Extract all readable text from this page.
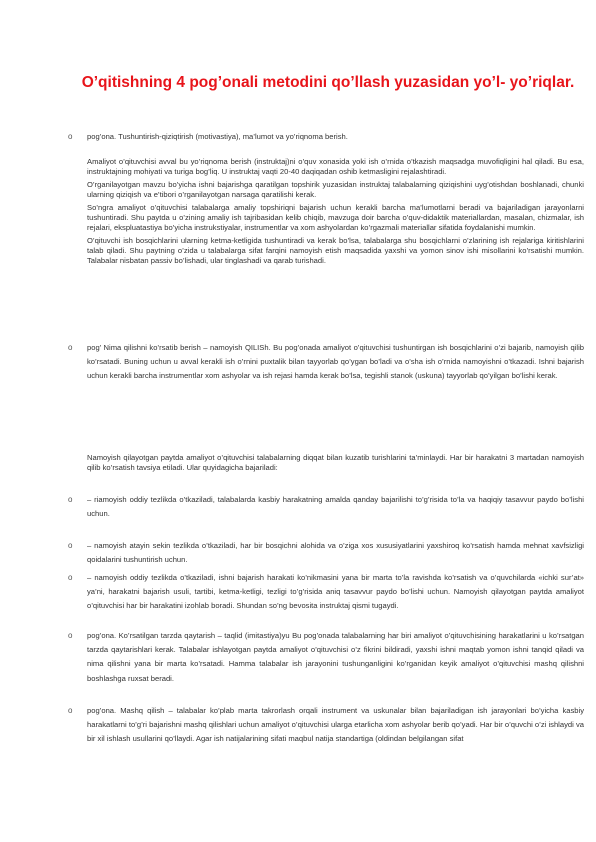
O’qitishning 4 pog’onali metodini qo’llash yuzasidan yo’l- yo’riqlar.
o pog’ona. Tushuntirish-qiziqtirish (motivastiya), ma’lumot va yo’riqnoma berish.

Amaliyot o’qituvchisi avval bu yo’riqnoma berish (instruktaj)ni o’quv xonasida yoki ish o’rnida o’tkazish maqsadga muvofiqligini hal qiladi. Bu esa, instruktajning mohiyati va turiga bog’liq. U instruktaj vaqti 20-40 daqiqadan oshib ketmasligini rejalashtiradi.

O’rganilayotgan mavzu bo’yicha ishni bajarishga qaratilgan topshirik yuzasidan instruktaj talabalarning qiziqishini uyg’otishdan boshlanadi, chunki ularning qiziqish va e’tibori o’rganilayotgan narsaga qaratilishi kerak.

So’ngra amaliyot o’qituvchisi talabalarga amaliy topshiriqni bajarish uchun kerakli barcha ma’lumotlarni beradi va bajariladigan jarayonlarni tushuntiradi. Shu paytda u o’zining amaliy ish tajribasidan kelib chiqib, mavzuga doir barcha o’quv-didaktik materiallardan, masalan, chizmalar, ish rejalari, ekspluatastiya bo’yicha instrukstiyalar, instrumentlar va xom ashyolardan ko’rgazmali materiallar sifatida foydalanishi mumkin.

O’qituvchi ish bosqichlarini ularning ketma-ketligida tushuntiradi va kerak bo’lsa, talabalarga shu bosqichlarni o’zlarining ish rejalariga kiritishlarini talab qiladi. Shu paytning o’zida u talabalarga sifat farqini namoyish etish maqsadida yaxshi va yomon sinov ishi misollarini ko’rsatishi mumkin. Talabalar nisbatan passiv bo’lishadi, ular tinglashadi va qarab turishadi.

o pog’ Nima qilishni ko’rsatib berish – namoyish QILISh. Bu pog’onada amaliyot o’qituvchisi tushuntirgan ish bosqichlarini o’zi bajarib, namoyish qilib ko’rsatadi. Buning uchun u avval kerakli ish o’rnini puxtalik bilan tayyorlab qo’ygan bo’ladi va o’sha ish o’rnida namoyishni o’tkazadi. Ishni bajarish uchun kerakli barcha instrumentlar xom ashyolar va ish rejasi hamda kerak bo’lsa, tegishli stanok (uskuna) tayyorlab qo’yilgan bo’lishi kerak.
Namoyish qilayotgan paytda amaliyot o’qituvchisi talabalarning diqqat bilan kuzatib turishlarini ta’minlaydi. Har bir harakatni 3 martadan namoyish qilib ko’rsatish tavsiya etiladi. Ular quyidagicha bajariladi:
o – riamoyish oddiy tezlikda o’tkaziladi, talabalarda kasbiy harakatning amalda qanday bajarilishi to’g’risida to’la va haqiqiy tasavvur paydo bo’lishi uchun.
o – namoyish atayin sekin tezlikda o’tkaziladi, har bir bosqichni alohida va o’ziga xos xususiyatlarini yaxshiroq ko’rsatish hamda mehnat xavfsizligi qoidalarini tushuntirish uchun.
o – namoyish oddiy tezlikda o’tkaziladi, ishni bajarish harakati ko’nikmasini yana bir marta to’la ravishda ko’rsatish va o’quvchilarda «ichki sur’at» ya’ni, harakatni bajarish usuli, tartibi, ketma-ketligi, tezligi to’g’risida aniq tasavvur paydo bo’lishi uchun. Namoyish qilayotgan paytda amaliyot o’qituvchisi har bir harakatini izohlab boradi. Shundan so’ng bevosita instruktaj qismi tugaydi.
o pog’ona. Ko’rsatilgan tarzda qaytarish – taqlid (imitastiya)yu Bu pog’onada talabalarning har biri amaliyot o’qituvchisining harakatlarini u ko’rsatgan tarzda qaytarishlari kerak. Talabalar ishlayotgan paytda amaliyot o’qituvchisi o’z fikrini bildiradi, yaxshi ishni maqtab yomon ishni tanqid qiladi va nima qilishni yana bir marta ko’rsatadi. Hamma talabalar ish jarayonini tushunganligini ko’rganidan keyik amaliyot o’qituvchisi mashq qilishni boshlashga ruxsat beradi.
o pog’ona. Mashq qilish – talabalar ko’plab marta takrorlash orqali instrument va uskunalar bilan bajariladigan ish jarayonlari bo’yicha kasbiy harakatlarni to’g’ri bajarishni mashq qilishlari uchun amaliyot o’qituvchisi ularga etarlicha xom ashyolar berib qo’yadi. Har bir o’quvchi o’zi ishlaydi va bir xil ishlash usullarini qo’llaydi. Agar ish natijalarining sifati maqbul natija standartiga (oldindan belgilangan sifat
